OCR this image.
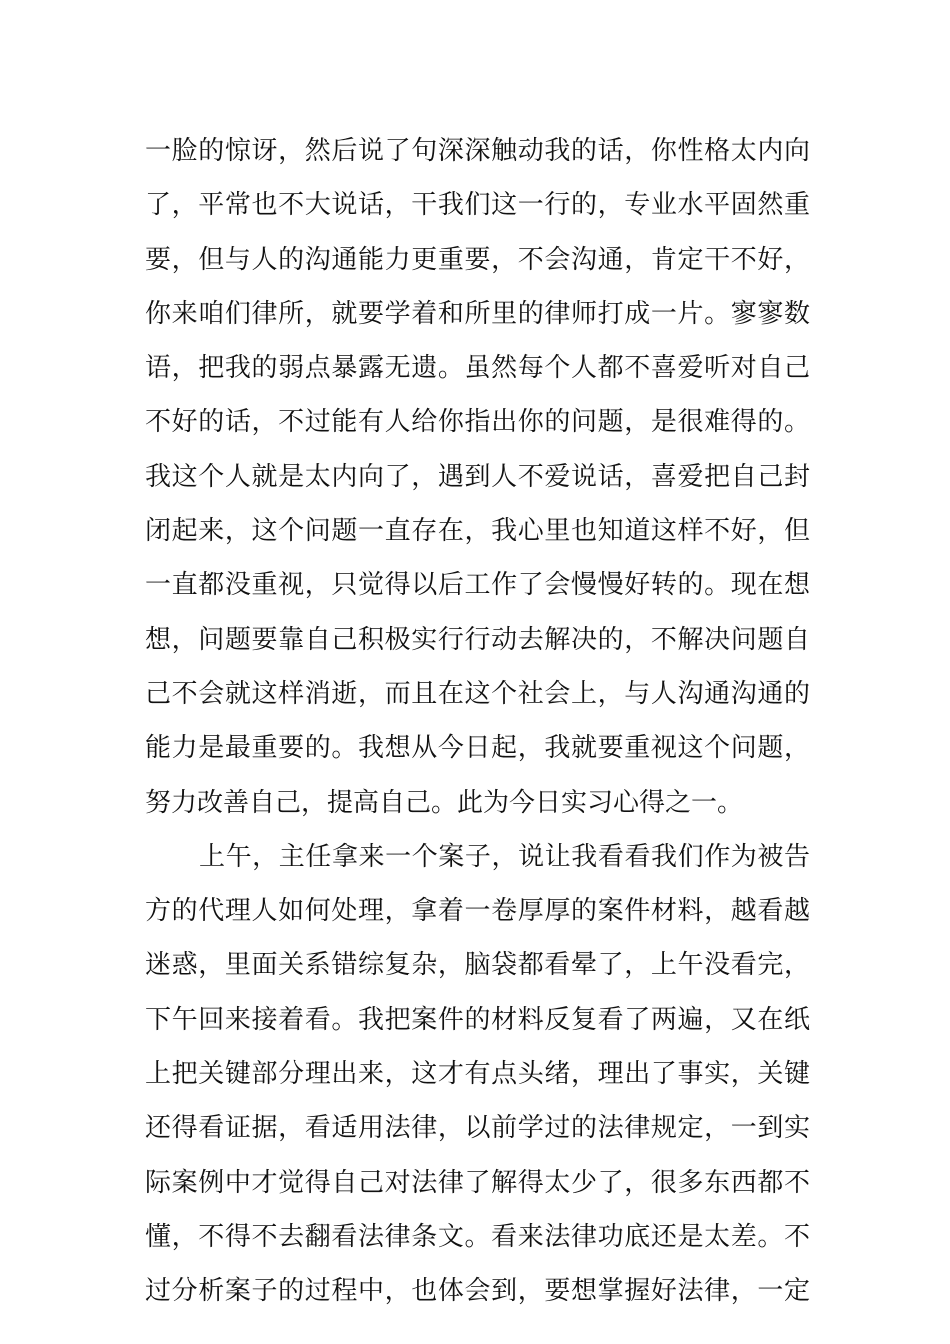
一脸的惊讶，然后说了句深深触动我的话，你性格太内向
了，平常也不大说话，干我们这一行的，专业水平固然重
要，但与人的沟通能力更重要，不会沟通，肯定干不好，
你来咱们律所，就要学着和所里的律师打成一片。寥寥数
语，把我的弱点暴露无遗。虽然每个人都不喜爱听对自己
不好的话，不过能有人给你指出你的问题，是很难得的。
我这个人就是太内向了，遇到人不爱说话，喜爱把自己封
闭起来，这个问题一直存在，我心里也知道这样不好，但
一直都没重视，只觉得以后工作了会慢慢好转的。现在想
想，问题要靠自己积极实行行动去解决的，不解决问题自
己不会就这样消逝，而且在这个社会上，与人沟通沟通的
能力是最重要的。我想从今日起，我就要重视这个问题，
努力改善自己，提高自己。此为今日实习心得之一。
上午，主任拿来一个案子，说让我看看我们作为被告
方的代理人如何处理，拿着一卷厚厚的案件材料，越看越
迷惑，里面关系错综复杂，脑袋都看晕了，上午没看完，
下午回来接着看。我把案件的材料反复看了两遍，又在纸
上把关键部分理出来，这才有点头绪，理出了事实，关键
还得看证据，看适用法律，以前学过的法律规定，一到实
际案例中才觉得自己对法律了解得太少了，很多东西都不
懂，不得不去翻看法律条文。看来法律功底还是太差。不
过分析案子的过程中，也体会到，要想掌握好法律，一定
